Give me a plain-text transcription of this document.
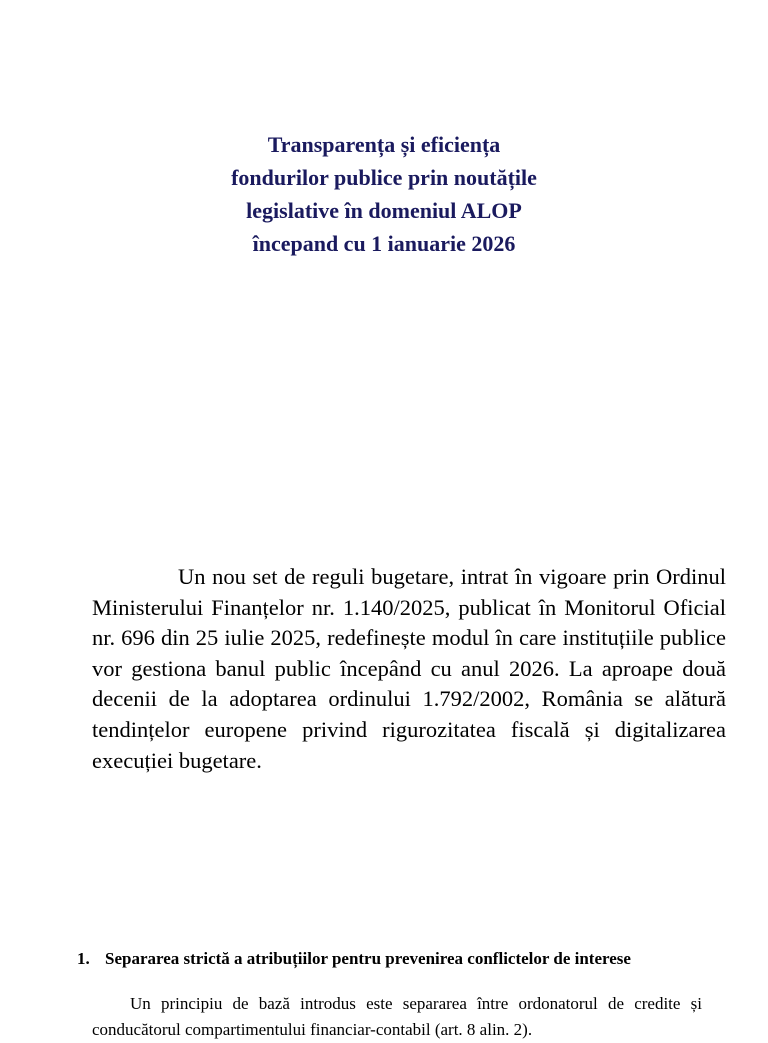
Transparența și eficiența
fondurilor publice prin noutățile
legislative în domeniul ALOP
începand cu 1 ianuarie 2026

Un nou set de reguli bugetare, intrat în vigoare prin Ordinul Ministerului Finanțelor nr. 1.140/2025, publicat în Monitorul Oficial nr. 696 din 25 iulie 2025, redefinește modul în care instituțiile publice vor gestiona banul public începând cu anul 2026. La aproape două decenii de la adoptarea ordinului 1.792/2002, România se alătură tendințelor europene privind rigurozitatea fiscală și digitalizarea execuției bugetare.

1. Separarea strictă a atribuțiilor pentru prevenirea conflictelor de interese

Un principiu de bază introdus este separarea între ordonatorul de credite și conducătorul compartimentului financiar-contabil (art. 8 alin. 2).
